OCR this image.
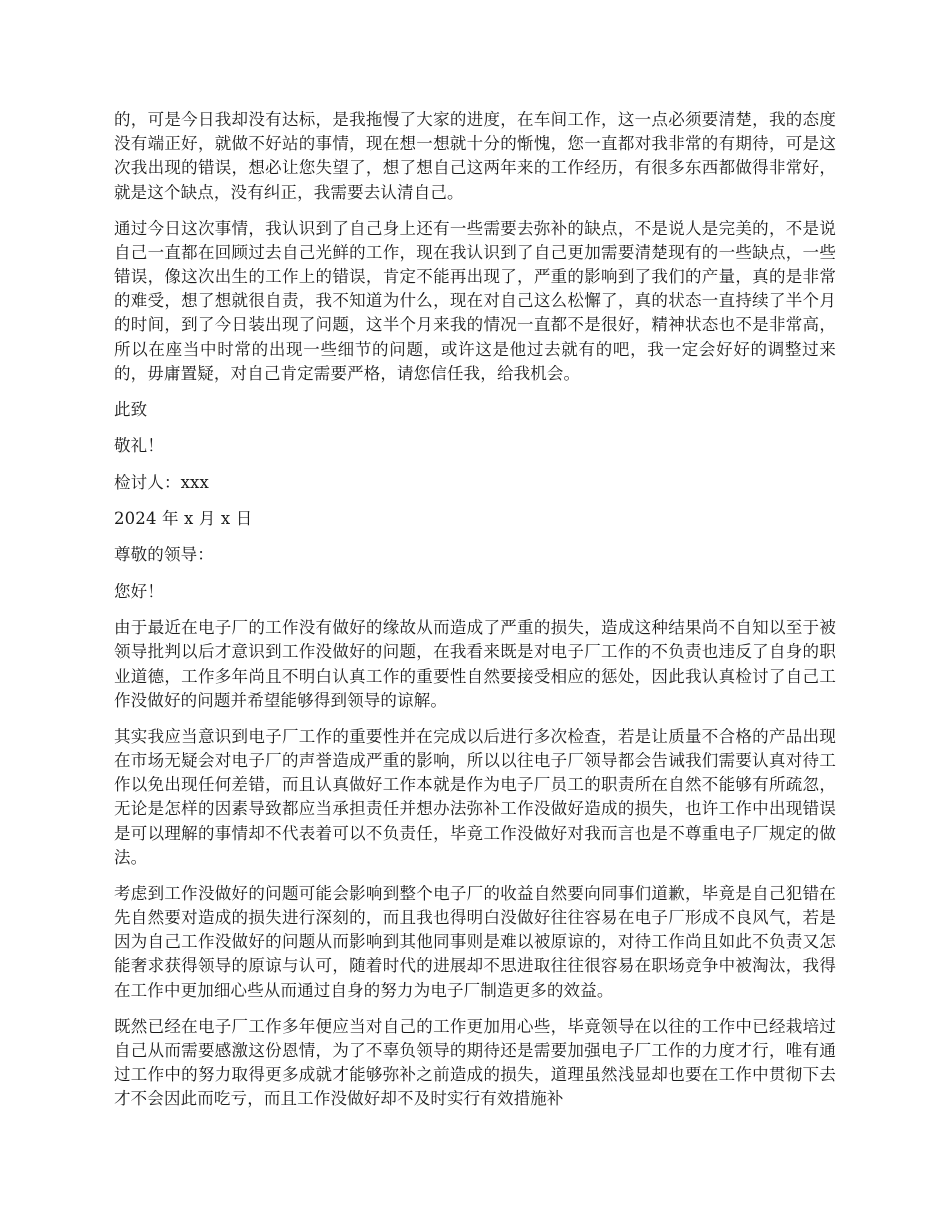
的，可是今日我却没有达标，是我拖慢了大家的进度，在车间工作，这一点必须要清楚，我的态度没有端正好，就做不好站的事情，现在想一想就十分的惭愧，您一直都对我非常的有期待，可是这次我出现的错误，想必让您失望了，想了想自己这两年来的工作经历，有很多东西都做得非常好，就是这个缺点，没有纠正，我需要去认清自己。

通过今日这次事情，我认识到了自己身上还有一些需要去弥补的缺点，不是说人是完美的，不是说自己一直都在回顾过去自己光鲜的工作，现在我认识到了自己更加需要清楚现有的一些缺点，一些错误，像这次出生的工作上的错误，肯定不能再出现了，严重的影响到了我们的产量，真的是非常的难受，想了想就很自责，我不知道为什么，现在对自己这么松懈了，真的状态一直持续了半个月的时间，到了今日装出现了问题，这半个月来我的情况一直都不是很好，精神状态也不是非常高，所以在座当中时常的出现一些细节的问题，或许这是他过去就有的吧，我一定会好好的调整过来的，毋庸置疑，对自己肯定需要严格，请您信任我，给我机会。

此致

敬礼！

检讨人：xxx

2024 年 x 月 x 日

尊敬的领导：

您好！

由于最近在电子厂的工作没有做好的缘故从而造成了严重的损失，造成这种结果尚不自知以至于被领导批判以后才意识到工作没做好的问题，在我看来既是对电子厂工作的不负责也违反了自身的职业道德，工作多年尚且不明白认真工作的重要性自然要接受相应的惩处，因此我认真检讨了自己工作没做好的问题并希望能够得到领导的谅解。

其实我应当意识到电子厂工作的重要性并在完成以后进行多次检查，若是让质量不合格的产品出现在市场无疑会对电子厂的声誉造成严重的影响，所以以往电子厂领导都会告诫我们需要认真对待工作以免出现任何差错，而且认真做好工作本就是作为电子厂员工的职责所在自然不能够有所疏忽，无论是怎样的因素导致都应当承担责任并想办法弥补工作没做好造成的损失，也许工作中出现错误是可以理解的事情却不代表着可以不负责任，毕竟工作没做好对我而言也是不尊重电子厂规定的做法。

考虑到工作没做好的问题可能会影响到整个电子厂的收益自然要向同事们道歉，毕竟是自己犯错在先自然要对造成的损失进行深刻的，而且我也得明白没做好往往容易在电子厂形成不良风气，若是因为自己工作没做好的问题从而影响到其他同事则是难以被原谅的，对待工作尚且如此不负责又怎能奢求获得领导的原谅与认可，随着时代的进展却不思进取往往很容易在职场竞争中被淘汰，我得在工作中更加细心些从而通过自身的努力为电子厂制造更多的效益。

既然已经在电子厂工作多年便应当对自己的工作更加用心些，毕竟领导在以往的工作中已经栽培过自己从而需要感激这份恩情，为了不辜负领导的期待还是需要加强电子厂工作的力度才行，唯有通过工作中的努力取得更多成就才能够弥补之前造成的损失，道理虽然浅显却也要在工作中贯彻下去才不会因此而吃亏，而且工作没做好却不及时实行有效措施补
